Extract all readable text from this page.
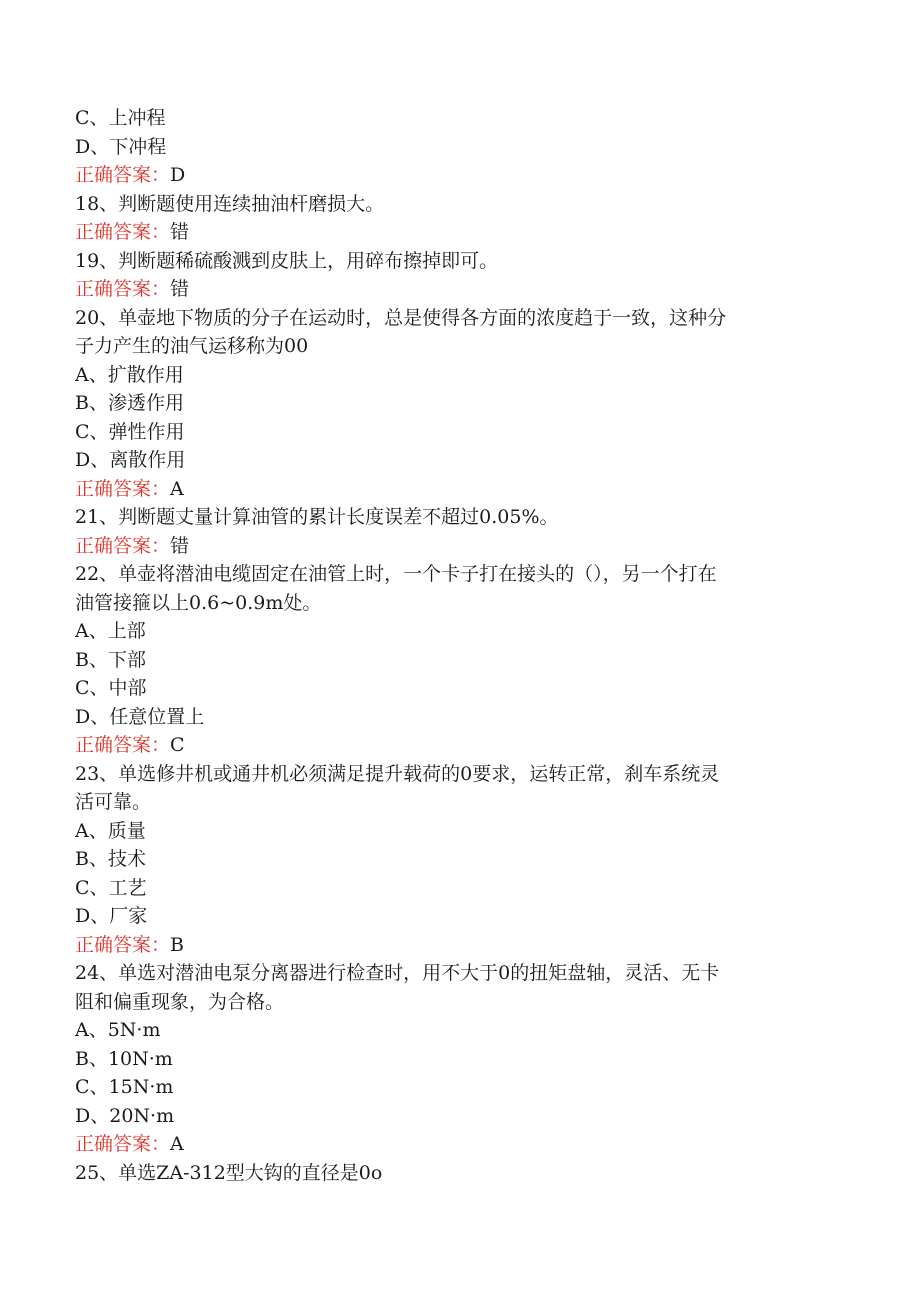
C、上冲程
D、下冲程
正确答案：D
18、判断题使用连续抽油杆磨损大。
正确答案：错
19、判断题稀硫酸溅到皮肤上，用碎布擦掉即可。
正确答案：错
20、单壶地下物质的分子在运动时，总是使得各方面的浓度趋于一致，这种分
子力产生的油气运移称为00
A、扩散作用
B、渗透作用
C、弹性作用
D、离散作用
正确答案：A
21、判断题丈量计算油管的累计长度误差不超过0.05%。
正确答案：错
22、单壶将潜油电缆固定在油管上时，一个卡子打在接头的（），另一个打在
油管接箍以上0.6~0.9m处。
A、上部
B、下部
C、中部
D、任意位置上
正确答案：C
23、单选修井机或通井机必须满足提升载荷的0要求，运转正常，刹车系统灵
活可靠。
A、质量
B、技术
C、工艺
D、厂家
正确答案：B
24、单选对潜油电泵分离器进行检查时，用不大于0的扭矩盘轴，灵活、无卡
阻和偏重现象，为合格。
A、5N·m
B、10N·m
C、15N·m
D、20N·m
正确答案：A
25、单选ZA-312型大钩的直径是0o
